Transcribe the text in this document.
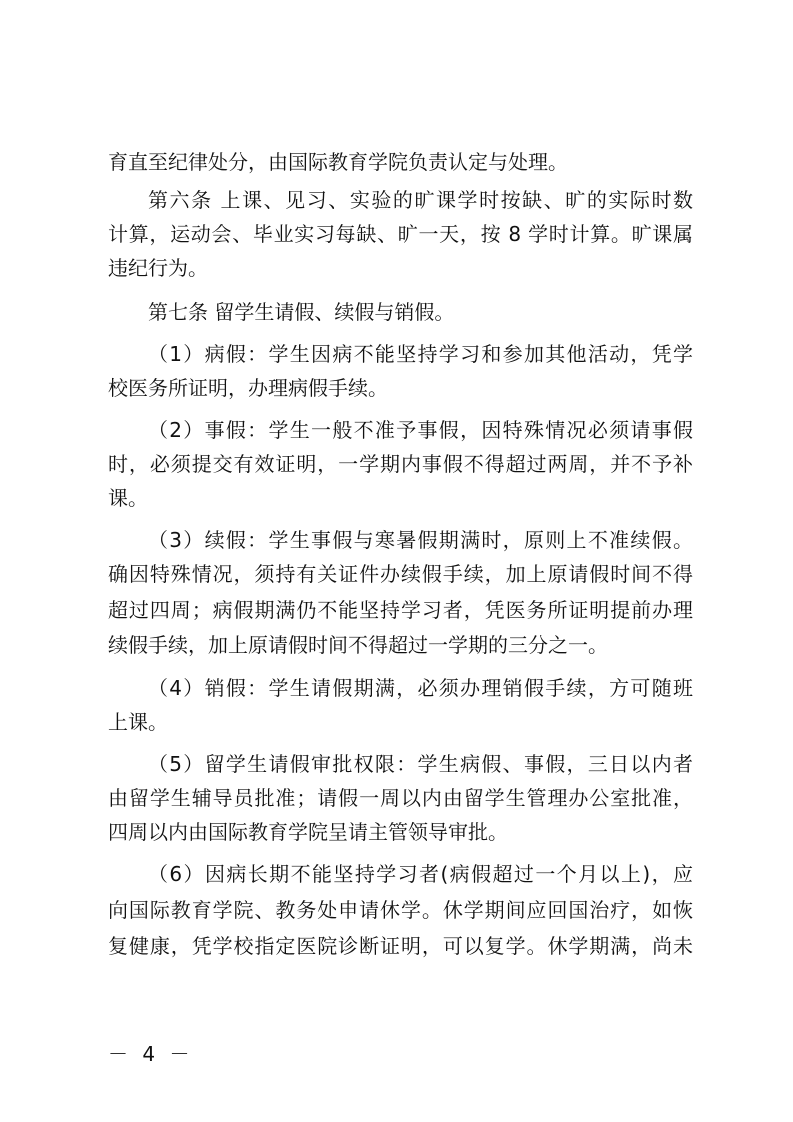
育直至纪律处分，由国际教育学院负责认定与处理。
第六条 上课、见习、实验的旷课学时按缺、旷的实际时数
计算，运动会、毕业实习每缺、旷一天，按 8 学时计算。旷课属
违纪行为。
第七条 留学生请假、续假与销假。
（1）病假：学生因病不能坚持学习和参加其他活动，凭学
校医务所证明，办理病假手续。
（2）事假：学生一般不准予事假，因特殊情况必须请事假
时，必须提交有效证明，一学期内事假不得超过两周，并不予补
课。
（3）续假：学生事假与寒暑假期满时，原则上不准续假。
确因特殊情况，须持有关证件办续假手续，加上原请假时间不得
超过四周；病假期满仍不能坚持学习者，凭医务所证明提前办理
续假手续，加上原请假时间不得超过一学期的三分之一。
（4）销假：学生请假期满，必须办理销假手续，方可随班
上课。
（5）留学生请假审批权限：学生病假、事假，三日以内者
由留学生辅导员批准；请假一周以内由留学生管理办公室批准，
四周以内由国际教育学院呈请主管领导审批。
（6）因病长期不能坚持学习者(病假超过一个月以上)，应
向国际教育学院、教务处申请休学。休学期间应回国治疗，如恢
复健康，凭学校指定医院诊断证明，可以复学。休学期满，尚未
－ 4 －
